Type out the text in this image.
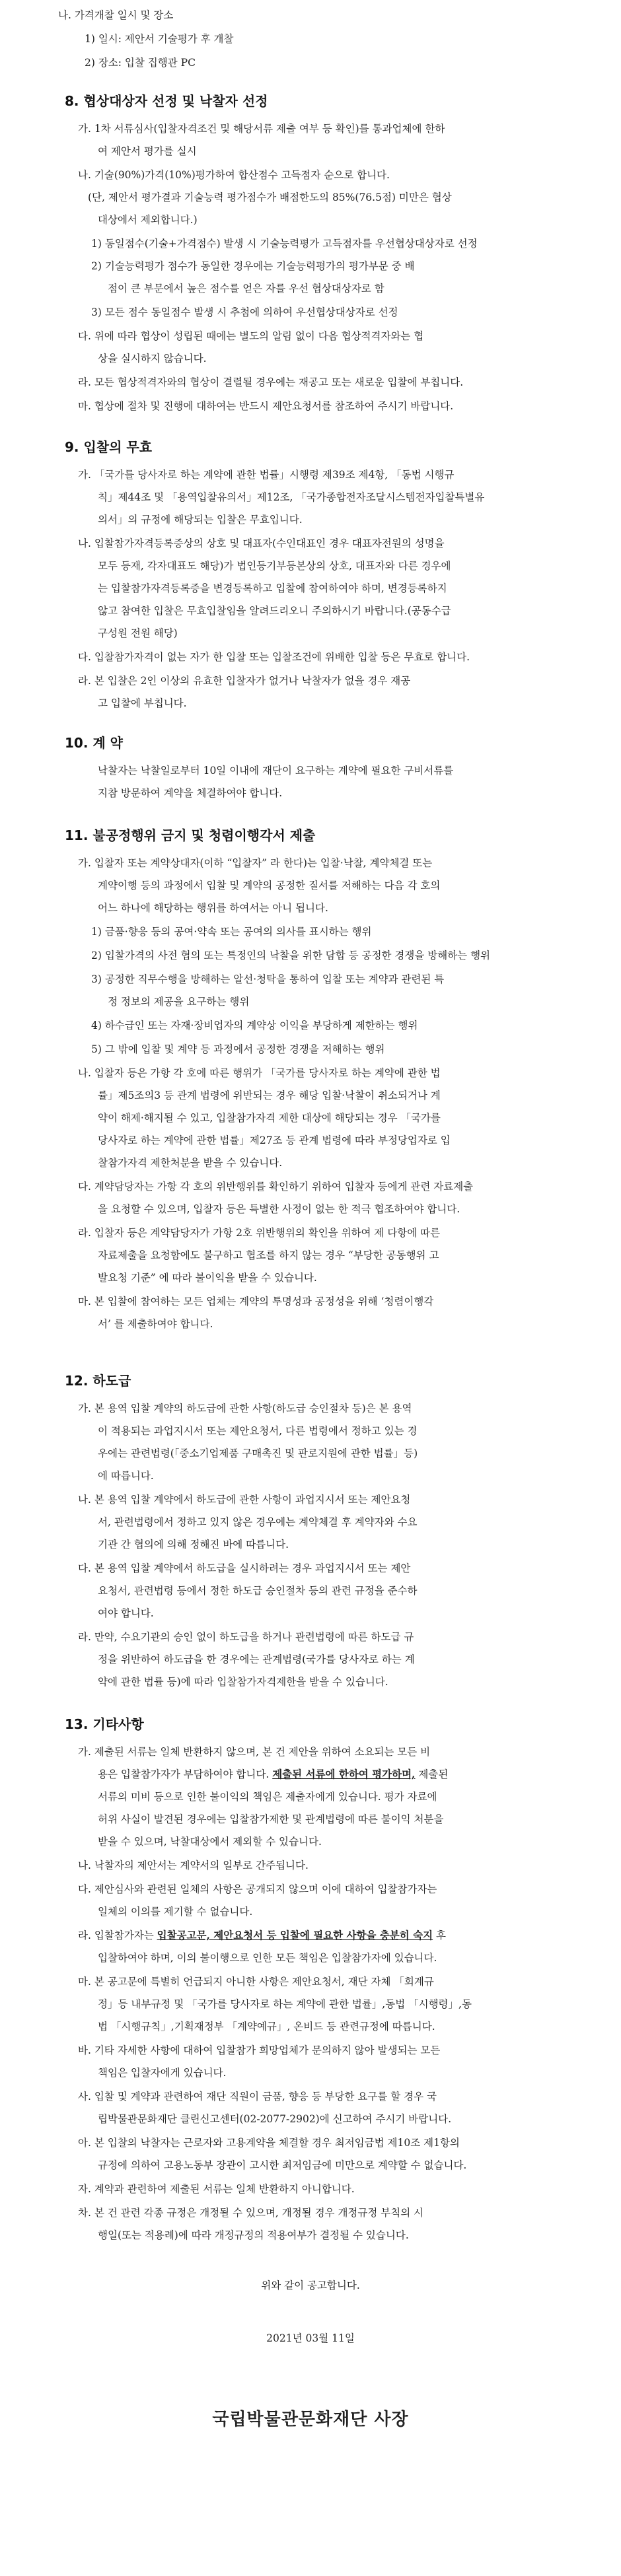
나. 가격개찰 일시 및 장소
1) 일시: 제안서 기술평가 후 개찰
2) 장소: 입찰 집행관 PC
8. 협상대상자 선정 및 낙찰자 선정
가. 1차 서류심사(입찰자격조건 및 해당서류 제출 여부 등 확인)를 통과업체에 한하
여 제안서 평가를 실시
나. 기술(90%)가격(10%)평가하여 합산점수 고득점자 순으로 합니다.
(단, 제안서 평가결과 기술능력 평가점수가 배점한도의 85%(76.5점) 미만은 협상
대상에서 제외합니다.)
1) 동일점수(기술+가격점수) 발생 시 기술능력평가 고득점자를 우선협상대상자로 선정
2) 기술능력평가 점수가 동일한 경우에는 기술능력평가의 평가부문 중 배
점이 큰 부문에서 높은 점수를 얻은 자를 우선 협상대상자로 함
3) 모든 점수 동일점수 발생 시 추첨에 의하여 우선협상대상자로 선정
다. 위에 따라 협상이 성립된 때에는 별도의 알림 없이 다음 협상적격자와는 협
상을 실시하지 않습니다.
라. 모든 협상적격자와의 협상이 결렬될 경우에는 재공고 또는 새로운 입찰에 부칩니다.
마. 협상에 절차 및 진행에 대하여는 반드시 제안요청서를 참조하여 주시기 바랍니다.
9. 입찰의 무효
가. 「국가를 당사자로 하는 계약에 관한 법률」시행령 제39조 제4항, 「동법 시행규
칙」제44조 및 「용역입찰유의서」제12조, 「국가종합전자조달시스템전자입찰특별유
의서」의 규정에 해당되는 입찰은 무효입니다.
나. 입찰참가자격등록증상의 상호 및 대표자(수인대표인 경우 대표자전원의 성명을
모두 등재, 각자대표도 해당)가 법인등기부등본상의 상호, 대표자와 다른 경우에
는 입찰참가자격등록증을 변경등록하고 입찰에 참여하여야 하며, 변경등록하지
않고 참여한 입찰은 무효입찰임을 알려드리오니 주의하시기 바랍니다.(공동수급
구성원 전원 해당)
다. 입찰참가자격이 없는 자가 한 입찰 또는 입찰조건에 위배한 입찰 등은 무효로 합니다.
라. 본 입찰은 2인 이상의 유효한 입찰자가 없거나 낙찰자가 없을 경우 재공
고 입찰에 부칩니다.
10. 계 약
낙찰자는 낙찰일로부터 10일 이내에 재단이 요구하는 계약에 필요한 구비서류를
지참 방문하여 계약을 체결하여야 합니다.
11. 불공정행위 금지 및 청렴이행각서 제출
가. 입찰자 또는 계약상대자(이하 “입찰자” 라 한다)는 입찰·낙찰, 계약체결 또는
계약이행 등의 과정에서 입찰 및 계약의 공정한 질서를 저해하는 다음 각 호의
어느 하나에 해당하는 행위를 하여서는 아니 됩니다.
1) 금품·향응 등의 공여·약속 또는 공여의 의사를 표시하는 행위
2) 입찰가격의 사전 협의 또는 특정인의 낙찰을 위한 담합 등 공정한 경쟁을 방해하는 행위
3) 공정한 직무수행을 방해하는 알선·청탁을 통하여 입찰 또는 계약과 관련된 특
정 정보의 제공을 요구하는 행위
4) 하수급인 또는 자재·장비업자의 계약상 이익을 부당하게 제한하는 행위
5) 그 밖에 입찰 및 계약 등 과정에서 공정한 경쟁을 저해하는 행위
나. 입찰자 등은 가항 각 호에 따른 행위가 「국가를 당사자로 하는 계약에 관한 법
률」제5조의3 등 관계 법령에 위반되는 경우 해당 입찰·낙찰이 취소되거나 계
약이 해제·해지될 수 있고, 입찰참가자격 제한 대상에 해당되는 경우 「국가를
당사자로 하는 계약에 관한 법률」제27조 등 관계 법령에 따라 부정당업자로 입
찰참가자격 제한처분을 받을 수 있습니다.
다. 계약담당자는 가항 각 호의 위반행위를 확인하기 위하여 입찰자 등에게 관련 자료제출
을 요청할 수 있으며, 입찰자 등은 특별한 사정이 없는 한 적극 협조하여야 합니다.
라. 입찰자 등은 계약담당자가 가항 2호 위반행위의 확인을 위하여 제 다항에 따른
자료제출을 요청함에도 불구하고 협조를 하지 않는 경우 “부당한 공동행위 고
발요청 기준” 에 따라 불이익을 받을 수 있습니다.
마. 본 입찰에 참여하는 모든 업체는 계약의 투명성과 공정성을 위해 ‘청렴이행각
서’ 를 제출하여야 합니다.
12. 하도급
가. 본 용역 입찰 계약의 하도급에 관한 사항(하도급 승인절차 등)은 본 용역
이 적용되는 과업지시서 또는 제안요청서, 다른 법령에서 정하고 있는 경
우에는 관련법령(「중소기업제품 구매촉진 및 판로지원에 관한 법률」등)
에 따릅니다.
나. 본 용역 입찰 계약에서 하도급에 관한 사항이 과업지시서 또는 제안요청
서, 관련법령에서 정하고 있지 않은 경우에는 계약체결 후 계약자와 수요
기관 간 협의에 의해 정해진 바에 따릅니다.
다. 본 용역 입찰 계약에서 하도급을 실시하려는 경우 과업지시서 또는 제안
요청서, 관련법령 등에서 정한 하도급 승인절차 등의 관련 규정을 준수하
여야 합니다.
라. 만약, 수요기관의 승인 없이 하도급을 하거나 관련법령에 따른 하도급 규
정을 위반하여 하도급을 한 경우에는 관계법령(국가를 당사자로 하는 계
약에 관한 법률 등)에 따라 입찰참가자격제한을 받을 수 있습니다.
13. 기타사항
가. 제출된 서류는 일체 반환하지 않으며, 본 건 제안을 위하여 소요되는 모든 비
용은 입찰참가자가 부담하여야 합니다. 제출된 서류에 한하여 평가하며, 제출된
서류의 미비 등으로 인한 불이익의 책임은 제출자에게 있습니다. 평가 자료에
허위 사실이 발견된 경우에는 입찰참가제한 및 관계법령에 따른 불이익 처분을
받을 수 있으며, 낙찰대상에서 제외할 수 있습니다.
나. 낙찰자의 제안서는 계약서의 일부로 간주됩니다.
다. 제안심사와 관련된 일체의 사항은 공개되지 않으며 이에 대하여 입찰참가자는
일체의 이의를 제기할 수 없습니다.
라. 입찰참가자는 입찰공고문, 제안요청서 등 입찰에 필요한 사항을 충분히 숙지 후
입찰하여야 하며, 이의 불이행으로 인한 모든 책임은 입찰참가자에 있습니다.
마. 본 공고문에 특별히 언급되지 아니한 사항은 제안요청서, 재단 자체 「회계규
정」등 내부규정 및 「국가를 당사자로 하는 계약에 관한 법률」,동법 「시행령」,동
법 「시행규칙」,기획재정부 「계약예규」, 온비드 등 관련규정에 따릅니다.
바. 기타 자세한 사항에 대하여 입찰참가 희망업체가 문의하지 않아 발생되는 모든
책임은 입찰자에게 있습니다.
사. 입찰 및 계약과 관련하여 재단 직원이 금품, 향응 등 부당한 요구를 할 경우 국
립박물관문화재단 클린신고센터(02-2077-2902)에 신고하여 주시기 바랍니다.
아. 본 입찰의 낙찰자는 근로자와 고용계약을 체결할 경우 최저임금법 제10조 제1항의
규정에 의하여 고용노동부 장관이 고시한 최저임금에 미만으로 계약할 수 없습니다.
자. 계약과 관련하여 제출된 서류는 일체 반환하지 아니합니다.
차. 본 건 관련 각종 규정은 개정될 수 있으며, 개정될 경우 개정규정 부칙의 시
행일(또는 적용례)에 따라 개정규정의 적용여부가 결정될 수 있습니다.
위와 같이 공고합니다.
2021년 03월 11일
국립박물관문화재단 사장
